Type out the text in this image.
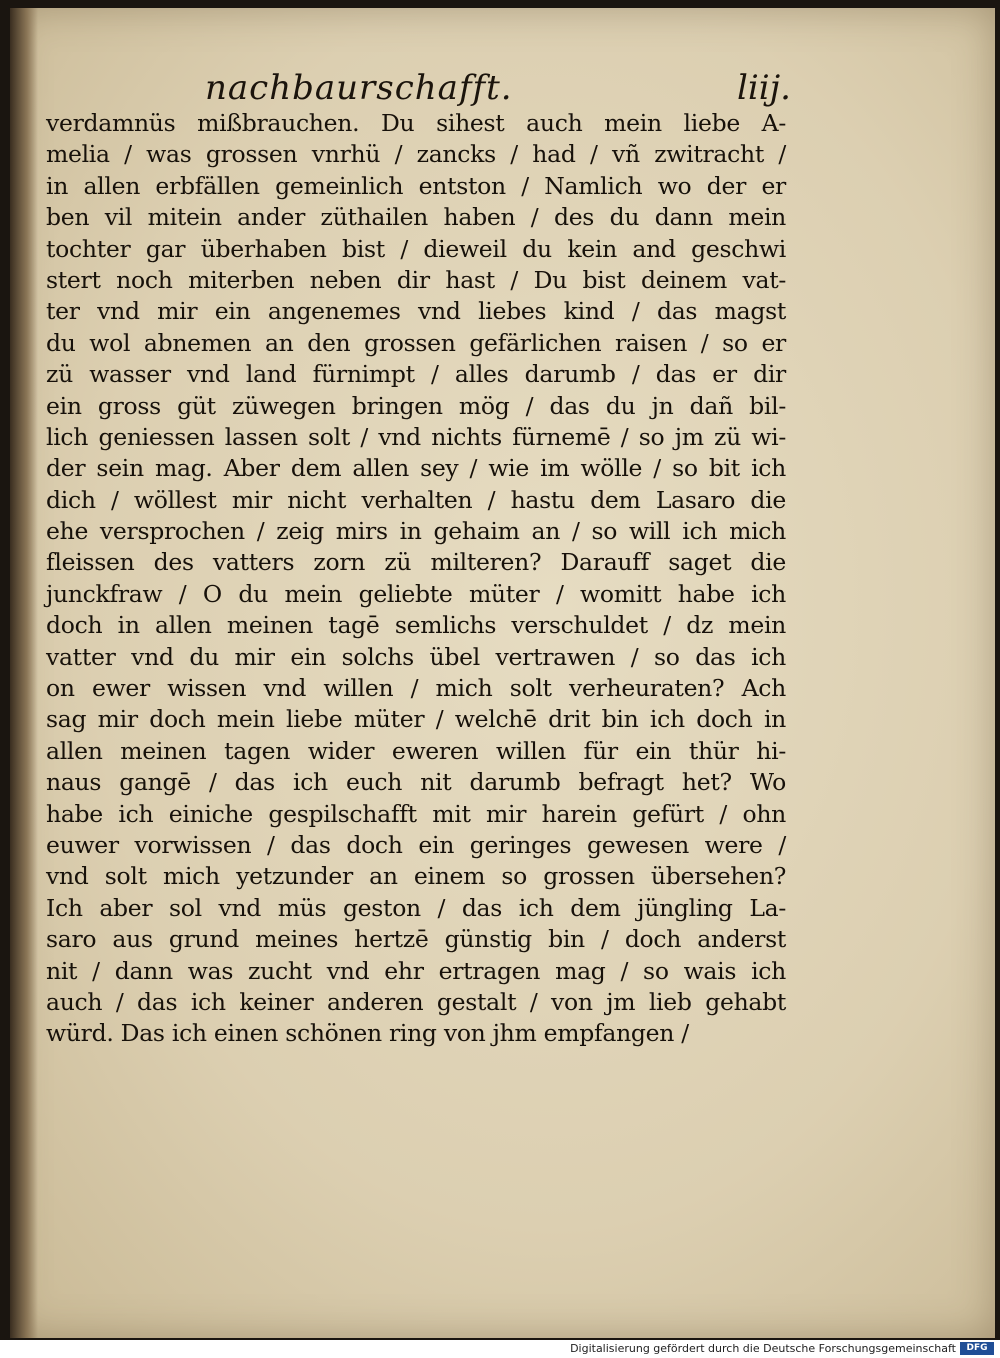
nachbaurschafft.	liij.
verdamnüs mißbrauchen. Du sihest auch mein liebe A-
melia / was grossen vnrhü / zancks / had / vñ zwitracht /
in allen erbfällen gemeinlich entston / Namlich wo der er
ben vil mitein ander züthailen haben / des du dann mein
tochter gar überhaben bist / dieweil du kein and geschwi
stert noch miterben neben dir hast / Du bist deinem vat-
ter vnd mir ein angenemes vnd liebes kind / das magst
du wol abnemen an den grossen gefärlichen raisen / so er
zü wasser vnd land fürnimpt / alles darumb / das er dir
ein gross güt züwegen bringen mög / das du jn dañ bil-
lich geniessen lassen solt / vnd nichts fürnemē / so jm zü wi-
der sein mag. Aber dem allen sey / wie im wölle / so bit ich
dich / wöllest mir nicht verhalten / hastu dem Lasaro die
ehe versprochen / zeig mirs in gehaim an / so will ich mich
fleissen des vatters zorn zü milteren? Darauff saget die
junckfraw / O du mein geliebte müter / womitt habe ich
doch in allen meinen tagē semlichs verschuldet / dz mein
vatter vnd du mir ein solchs übel vertrawen / so das ich
on ewer wissen vnd willen / mich solt verheuraten? Ach
sag mir doch mein liebe müter / welchē drit bin ich doch in
allen meinen tagen wider eweren willen für ein thür hi-
naus gangē / das ich euch nit darumb befragt het? Wo
habe ich einiche gespilschafft mit mir harein gefürt / ohn
euwer vorwissen / das doch ein geringes gewesen were /
vnd solt mich yetzunder an einem so grossen übersehen?
Ich aber sol vnd müs geston / das ich dem jüngling La-
saro aus grund meines hertzē günstig bin / doch anderst
nit / dann was zucht vnd ehr ertragen mag / so wais ich
auch / das ich keiner anderen gestalt / von jm lieb gehabt
würd. Das ich einen schönen ring von jhm empfangen /
Digitalisierung gefördert durch die Deutsche Forschungsgemeinschaft	DFG
